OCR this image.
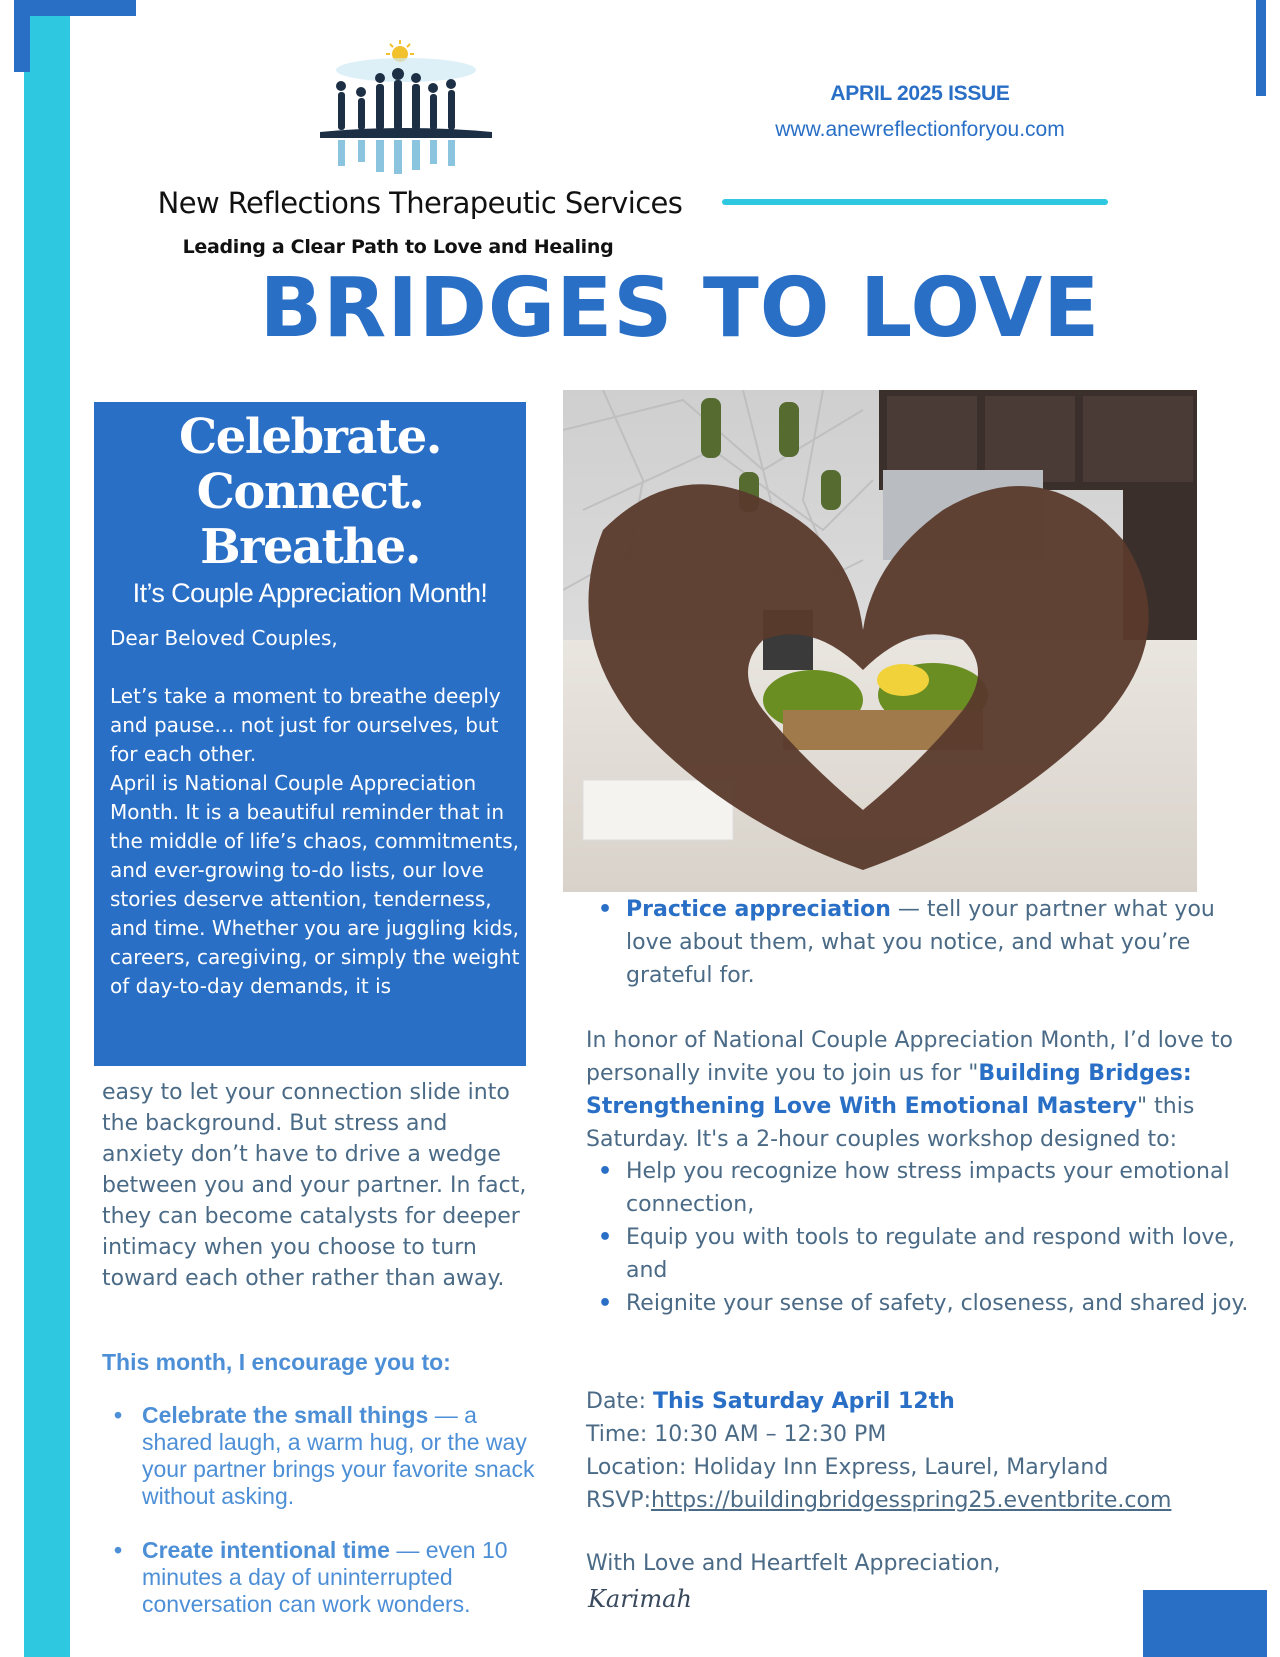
New Reflections Therapeutic Services
Leading a Clear Path to Love and Healing
APRIL 2025 ISSUE
www.anewreflectionforyou.com
BRIDGES TO LOVE
Celebrate.
Connect.
Breathe.
It’s Couple Appreciation Month!

Dear Beloved Couples,

Let’s take a moment to breathe deeply and pause… not just for ourselves, but for each other.

April is National Couple Appreciation Month. It is a beautiful reminder that in the middle of life’s chaos, commitments, and ever-growing to-do lists, our love stories deserve attention, tenderness, and time. Whether you are juggling kids, careers, caregiving, or simply the weight of day-to-day demands, it is

easy to let your connection slide into the background. But stress and anxiety don’t have to drive a wedge between you and your partner. In fact, they can become catalysts for deeper intimacy when you choose to turn toward each other rather than away.

This month, I encourage you to:
• Celebrate the small things — a shared laugh, a warm hug, or the way your partner brings your favorite snack without asking.
• Create intentional time — even 10 minutes a day of uninterrupted conversation can work wonders.
• Practice appreciation — tell your partner what you love about them, what you notice, and what you’re grateful for.
In honor of National Couple Appreciation Month, I’d love to personally invite you to join us for "Building Bridges: Strengthening Love With Emotional Mastery" this Saturday. It's a 2-hour couples workshop designed to:
• Help you recognize how stress impacts your emotional connection,
• Equip you with tools to regulate and respond with love, and
• Reignite your sense of safety, closeness, and shared joy.
Date: This Saturday April 12th
Time: 10:30 AM – 12:30 PM
Location: Holiday Inn Express, Laurel, Maryland
RSVP:https://buildingbridgesspring25.eventbrite.com
With Love and Heartfelt Appreciation,
Karimah
